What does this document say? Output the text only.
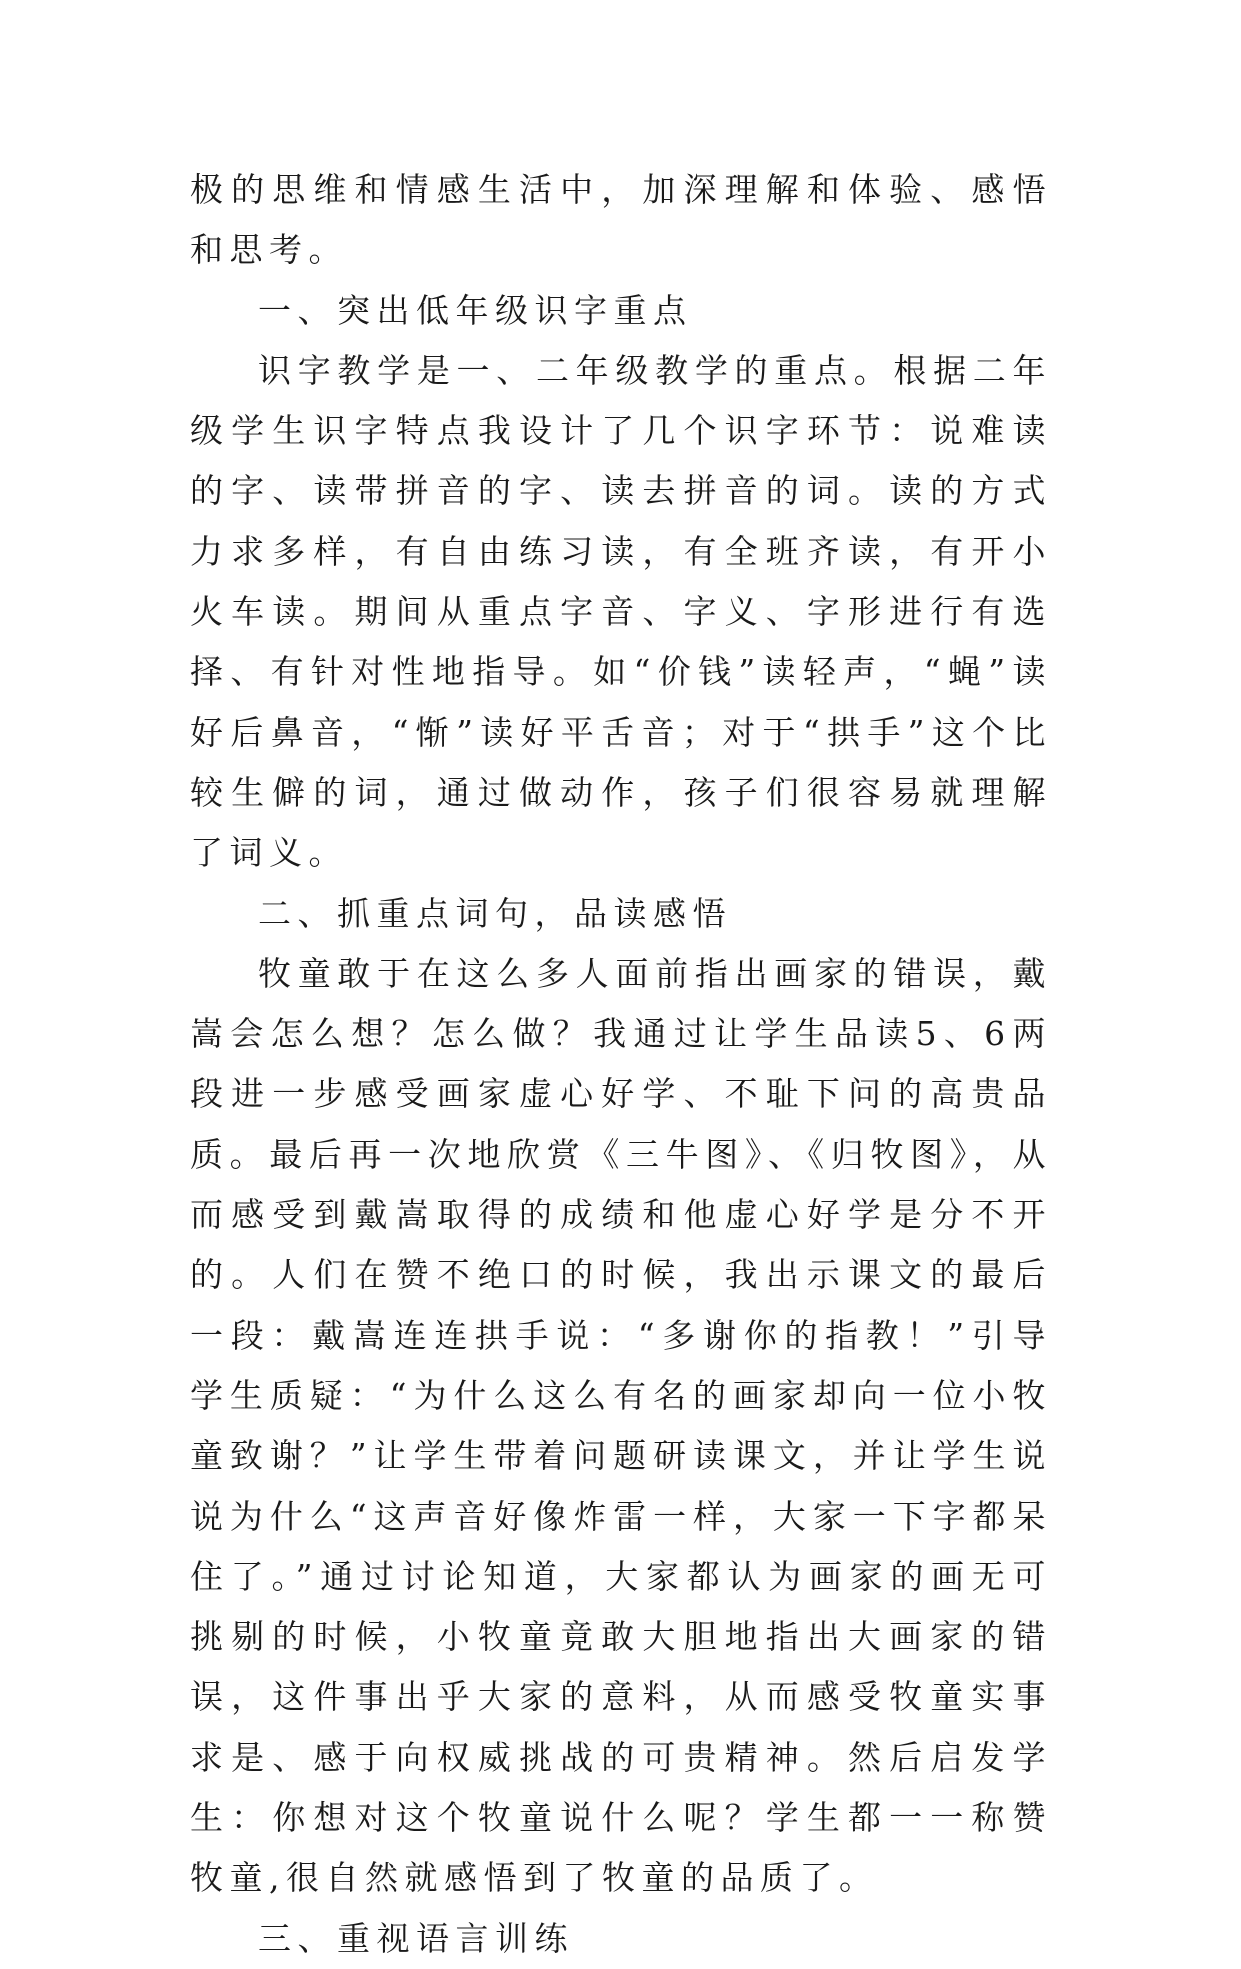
极的思维和情感生活中，加深理解和体验、感悟和思考。

一、突出低年级识字重点

识字教学是一、二年级教学的重点。根据二年级学生识字特点我设计了几个识字环节：说难读的字、读带拼音的字、读去拼音的词。读的方式力求多样，有自由练习读，有全班齐读，有开小火车读。期间从重点字音、字义、字形进行有选择、有针对性地指导。如“价钱”读轻声，“蝇”读好后鼻音，“惭”读好平舌音；对于“拱手”这个比较生僻的词，通过做动作，孩子们很容易就理解了词义。

二、抓重点词句，品读感悟

牧童敢于在这么多人面前指出画家的错误，戴嵩会怎么想？怎么做？我通过让学生品读5、6两段进一步感受画家虚心好学、不耻下问的高贵品质。最后再一次地欣赏《三牛图》、《归牧图》，从而感受到戴嵩取得的成绩和他虚心好学是分不开的。人们在赞不绝口的时候，我出示课文的最后一段：戴嵩连连拱手说：“多谢你的指教！”引导学生质疑：“为什么这么有名的画家却向一位小牧童致谢？”让学生带着问题研读课文，并让学生说说为什么“这声音好像炸雷一样，大家一下字都呆住了。”通过讨论知道，大家都认为画家的画无可挑剔的时候，小牧童竟敢大胆地指出大画家的错误，这件事出乎大家的意料，从而感受牧童实事求是、感于向权威挑战的可贵精神。然后启发学生：你想对这个牧童说什么呢？学生都一一称赞牧童,很自然就感悟到了牧童的品质了。

三、重视语言训练
